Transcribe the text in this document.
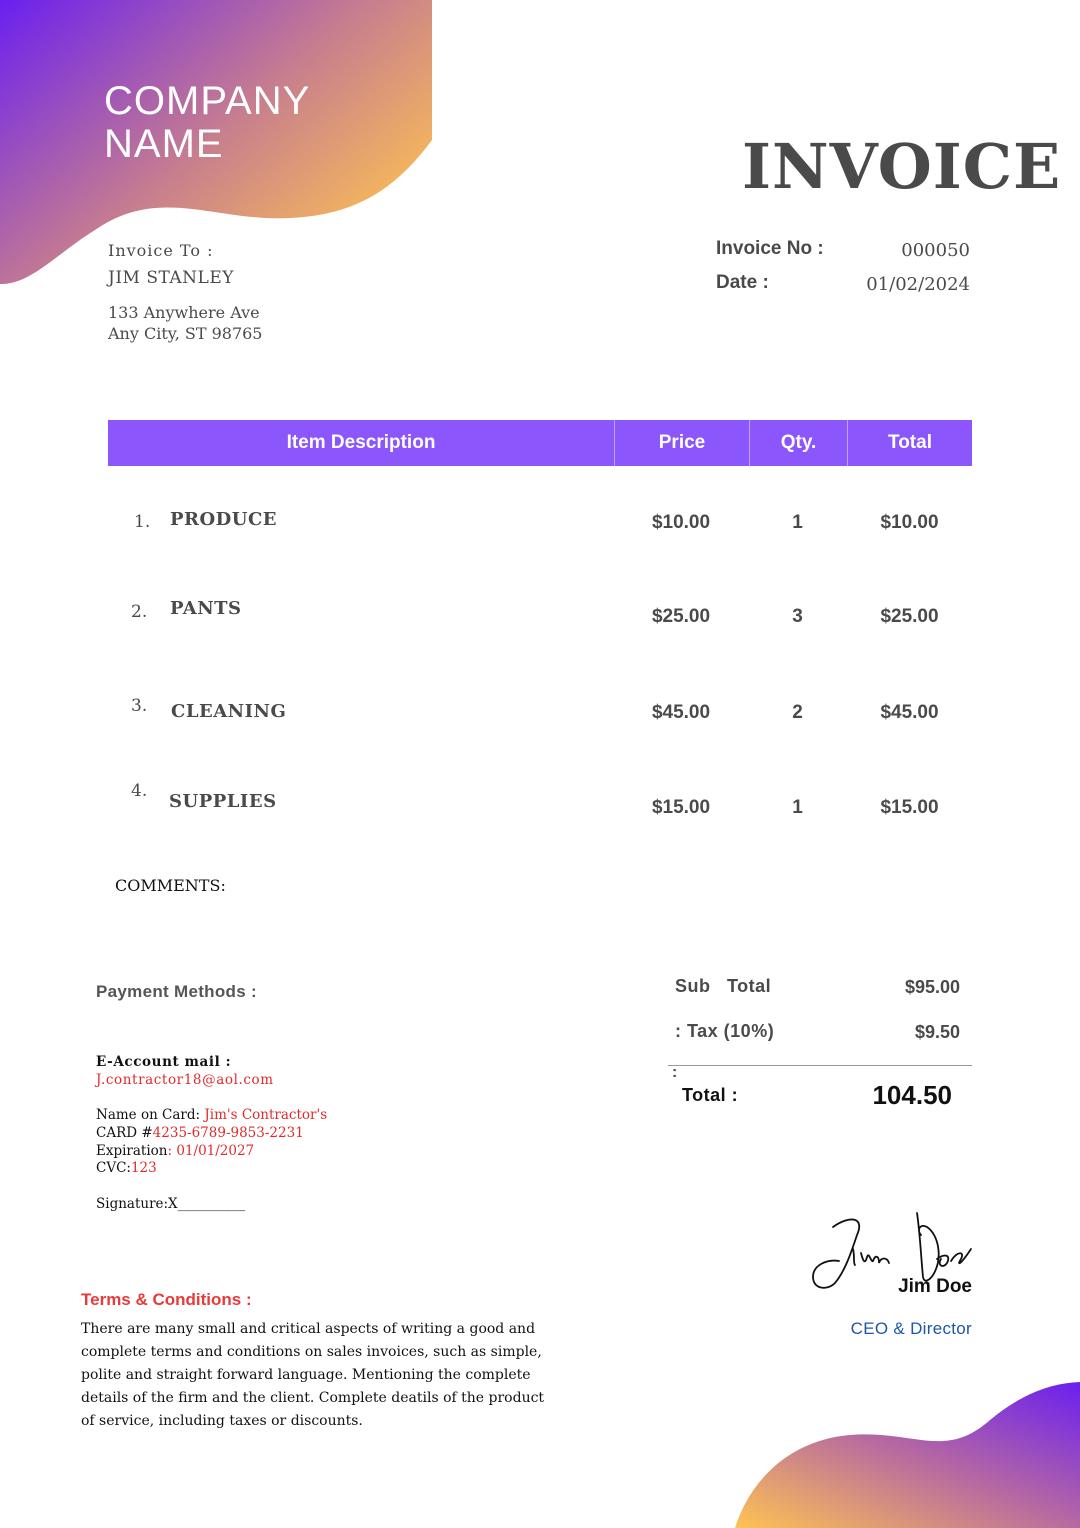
COMPANY NAME	INVOICE
Invoice To :
JIM STANLEY
133 Anywhere Ave
Any City, ST 98765
Invoice No :	000050
Date :	01/02/2024
Item Description	Price	Qty.	Total
1. PRODUCE	$10.00	1	$10.00
2. PANTS	$25.00	3	$25.00
3. CLEANING	$45.00	2	$45.00
4. SUPPLIES	$15.00	1	$15.00
COMMENTS:
Payment Methods :
E-Account mail :
J.contractor18@aol.com
Name on Card: Jim's Contractor's
CARD #4235-6789-9853-2231
Expiration: 01/01/2027
CVC:123
Signature:X__________
Sub   Total	$95.00
: Tax (10%)	$9.50
:
Total :	104.50
Jim Doe
CEO & Director
Terms & Conditions :
There are many small and critical aspects of writing a good and complete terms and conditions on sales invoices, such as simple, polite and straight forward language. Mentioning the complete details of the firm and the client. Complete deatils of the product of service, including taxes or discounts.
